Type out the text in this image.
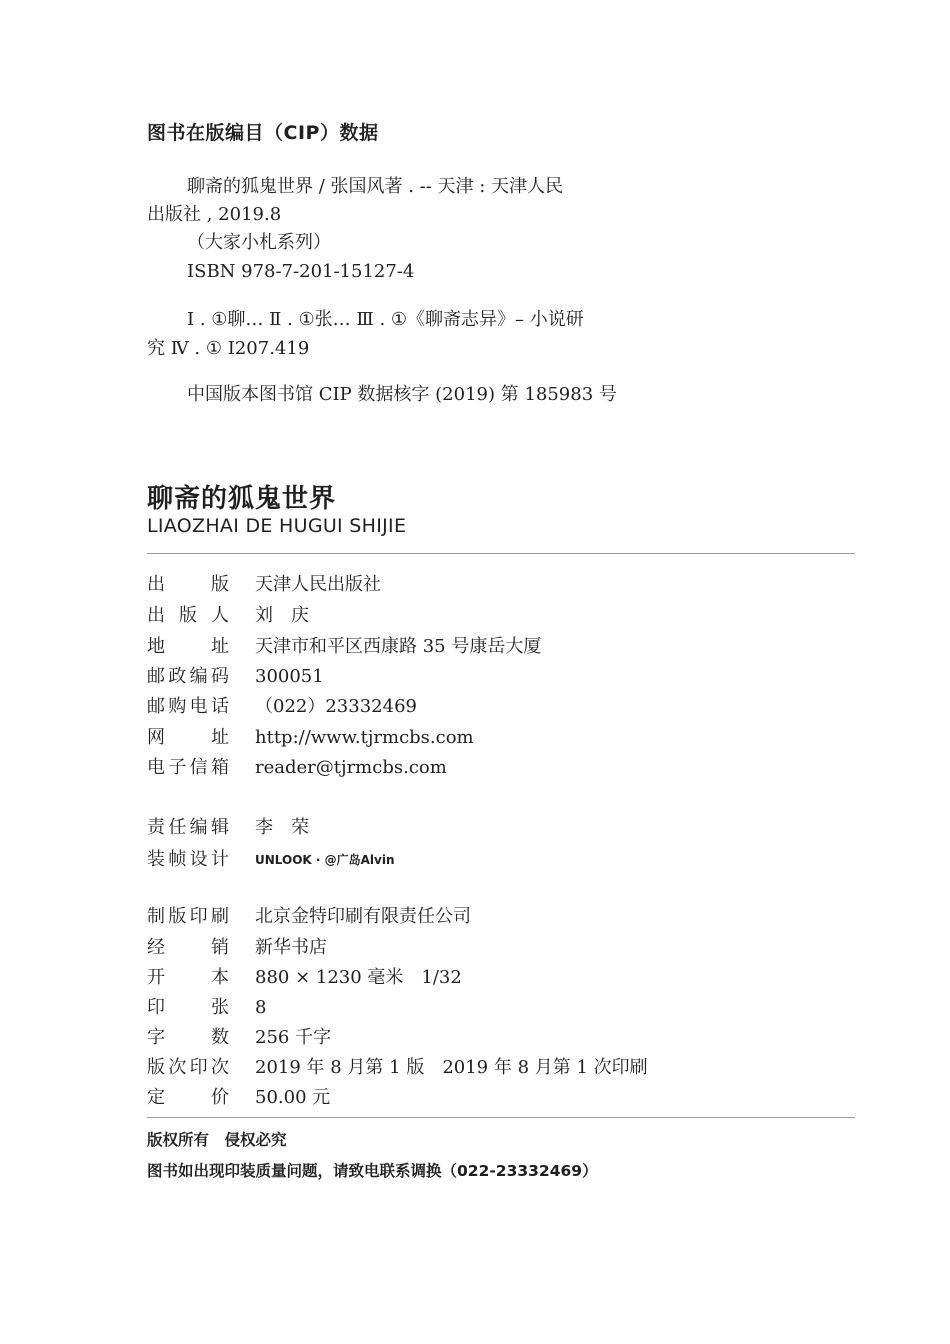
图书在版编目（CIP）数据
聊斋的狐鬼世界 / 张国风著 . -- 天津 : 天津人民
出版社 , 2019.8
（大家小札系列）
ISBN 978-7-201-15127-4
Ⅰ . ①聊… Ⅱ . ①张… Ⅲ . ①《聊斋志异》– 小说研
究 Ⅳ . ① I207.419
中国版本图书馆 CIP 数据核字 (2019) 第 185983 号
聊斋的狐鬼世界
LIAOZHAI DE HUGUI SHIJIE
出　版 天津人民出版社
出版人 刘　庆
地　址 天津市和平区西康路 35 号康岳大厦
邮政编码 300051
邮购电话 （022）23332469
网　址 http://www.tjrmcbs.com
电子信箱 reader@tjrmcbs.com
责任编辑 李　荣
装帧设计 UNLOOK · @广岛Alvin
制版印刷 北京金特印刷有限责任公司
经　销 新华书店
开　本 880 × 1230 毫米　1/32
印　张 8
字　数 256 千字
版次印次 2019 年 8 月第 1 版　2019 年 8 月第 1 次印刷
定　价 50.00 元
版权所有　侵权必究
图书如出现印装质量问题，请致电联系调换（022-23332469）
